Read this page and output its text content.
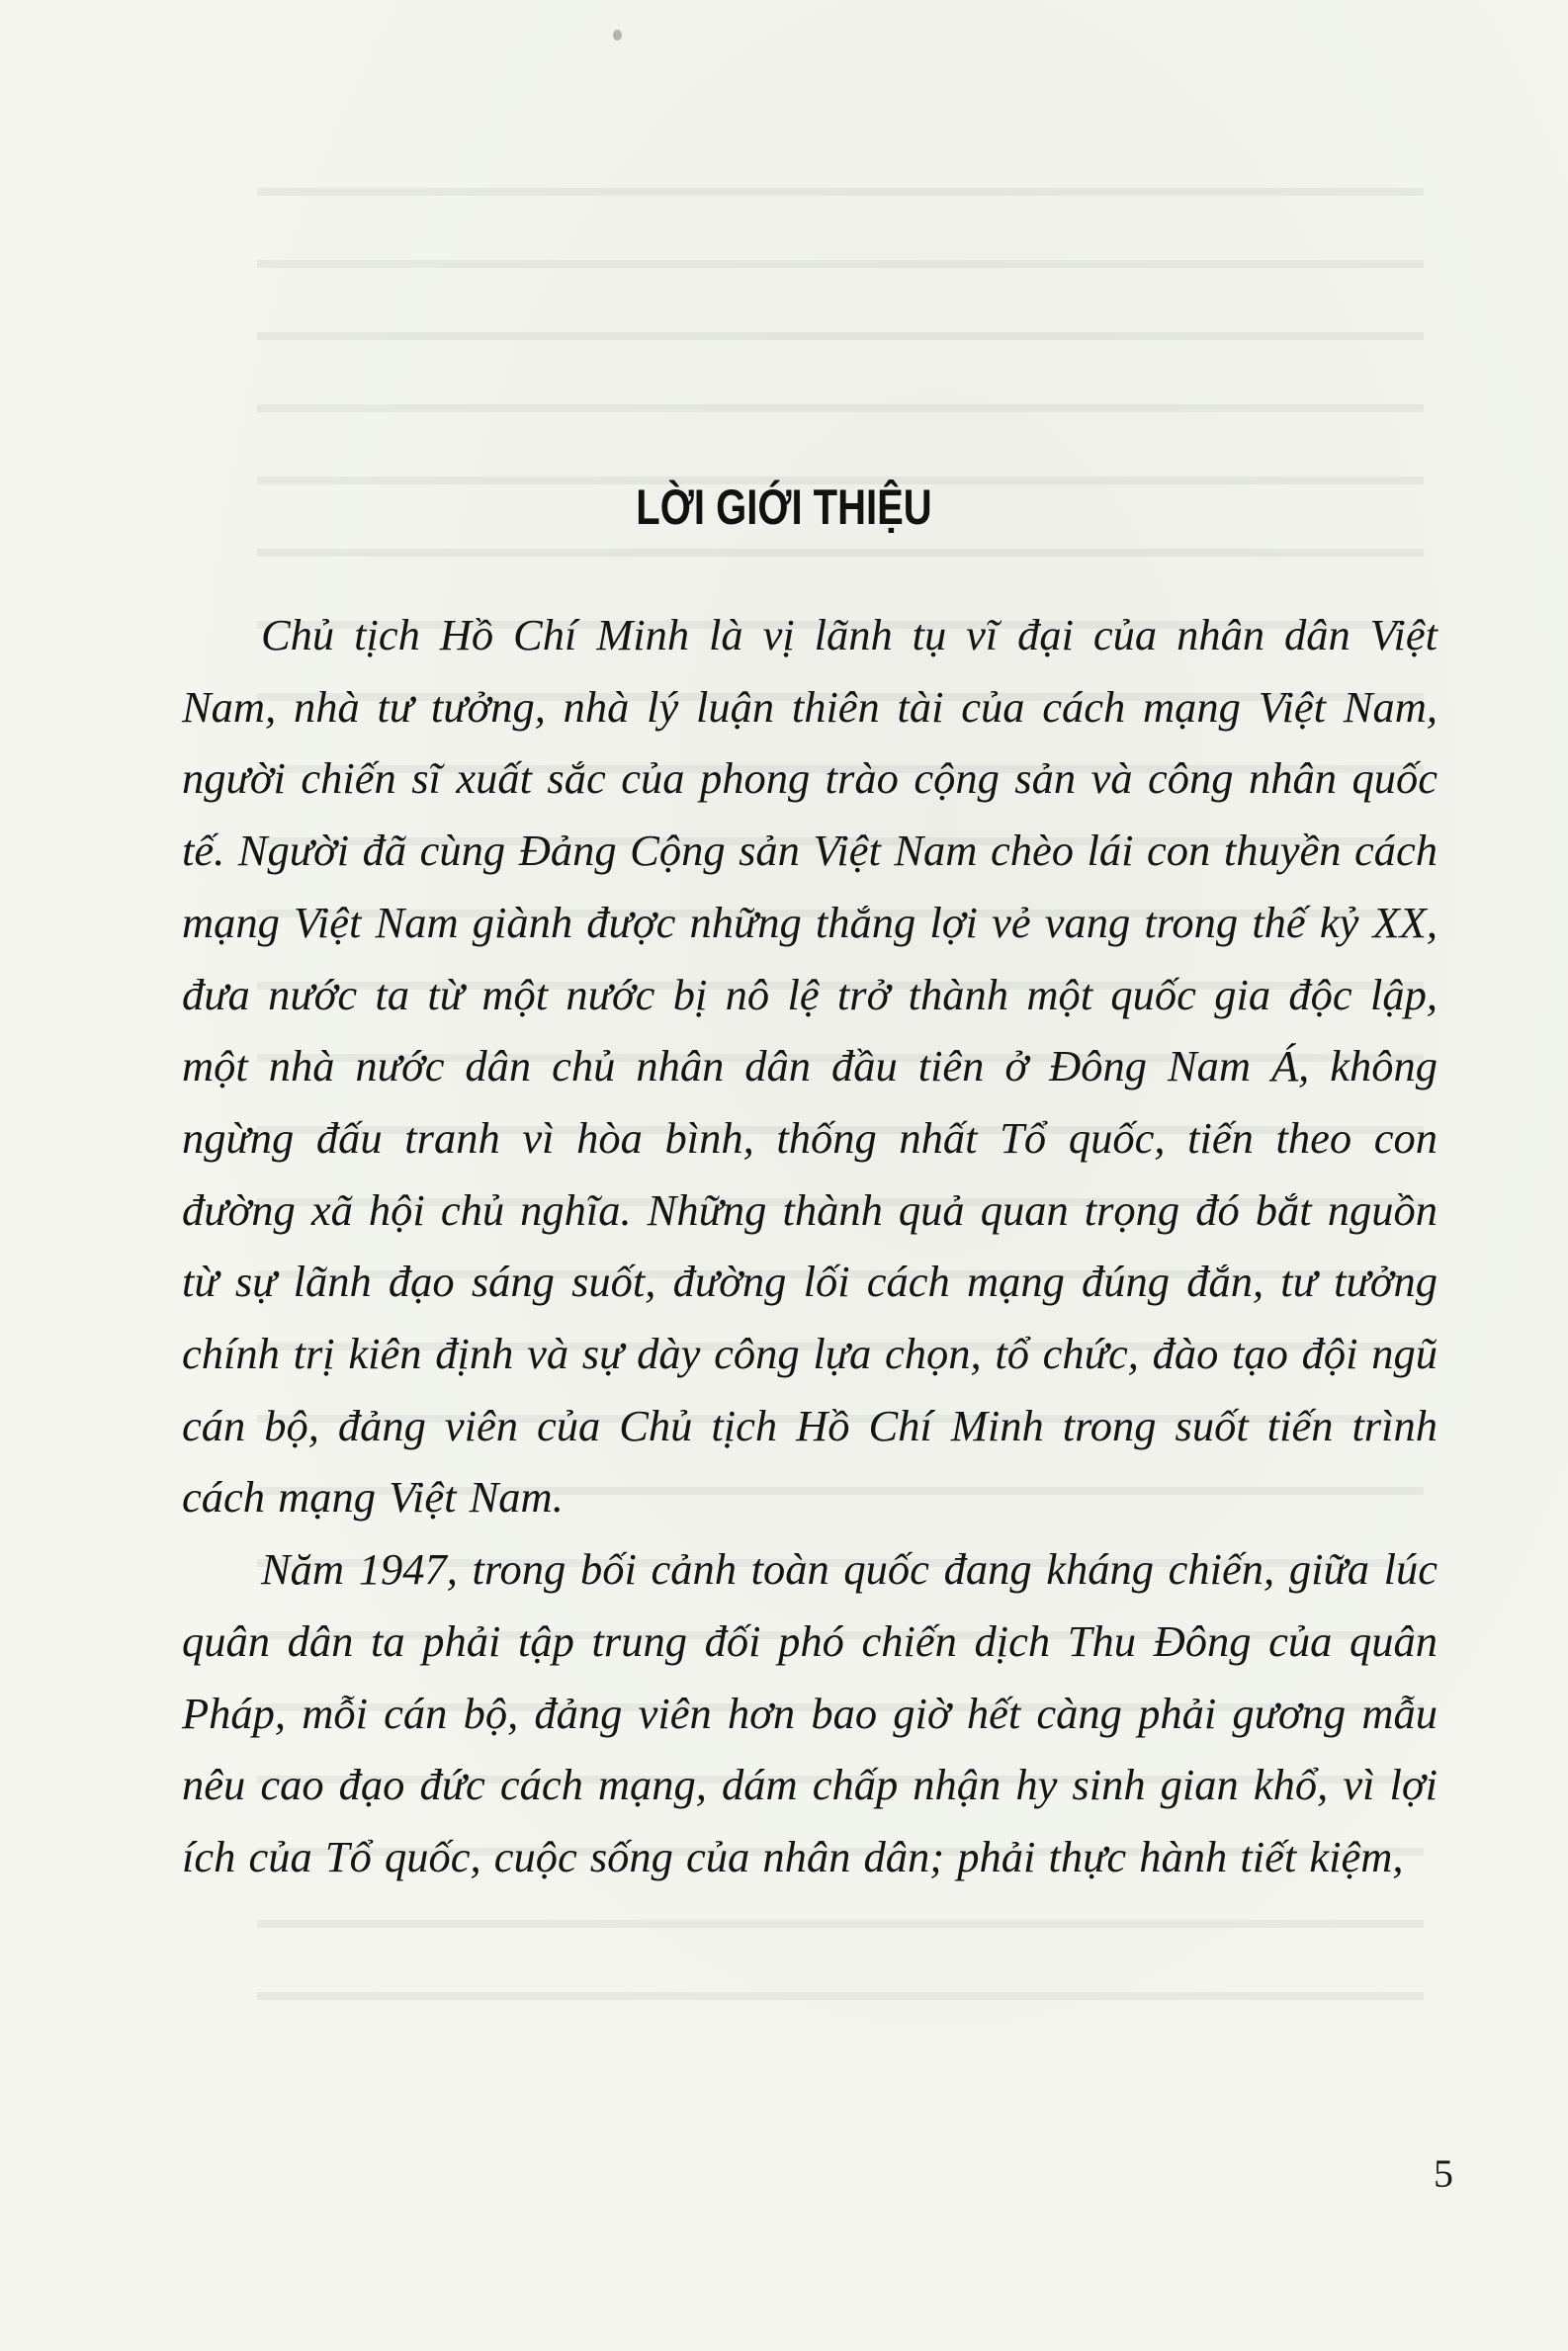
LỜI GIỚI THIỆU

Chủ tịch Hồ Chí Minh là vị lãnh tụ vĩ đại của nhân dân Việt Nam, nhà tư tưởng, nhà lý luận thiên tài của cách mạng Việt Nam, người chiến sĩ xuất sắc của phong trào cộng sản và công nhân quốc tế. Người đã cùng Đảng Cộng sản Việt Nam chèo lái con thuyền cách mạng Việt Nam giành được những thắng lợi vẻ vang trong thế kỷ XX, đưa nước ta từ một nước bị nô lệ trở thành một quốc gia độc lập, một nhà nước dân chủ nhân dân đầu tiên ở Đông Nam Á, không ngừng đấu tranh vì hòa bình, thống nhất Tổ quốc, tiến theo con đường xã hội chủ nghĩa. Những thành quả quan trọng đó bắt nguồn từ sự lãnh đạo sáng suốt, đường lối cách mạng đúng đắn, tư tưởng chính trị kiên định và sự dày công lựa chọn, tổ chức, đào tạo đội ngũ cán bộ, đảng viên của Chủ tịch Hồ Chí Minh trong suốt tiến trình cách mạng Việt Nam.

Năm 1947, trong bối cảnh toàn quốc đang kháng chiến, giữa lúc quân dân ta phải tập trung đối phó chiến dịch Thu Đông của quân Pháp, mỗi cán bộ, đảng viên hơn bao giờ hết càng phải gương mẫu nêu cao đạo đức cách mạng, dám chấp nhận hy sinh gian khổ, vì lợi ích của Tổ quốc, cuộc sống của nhân dân; phải thực hành tiết kiệm,

5
